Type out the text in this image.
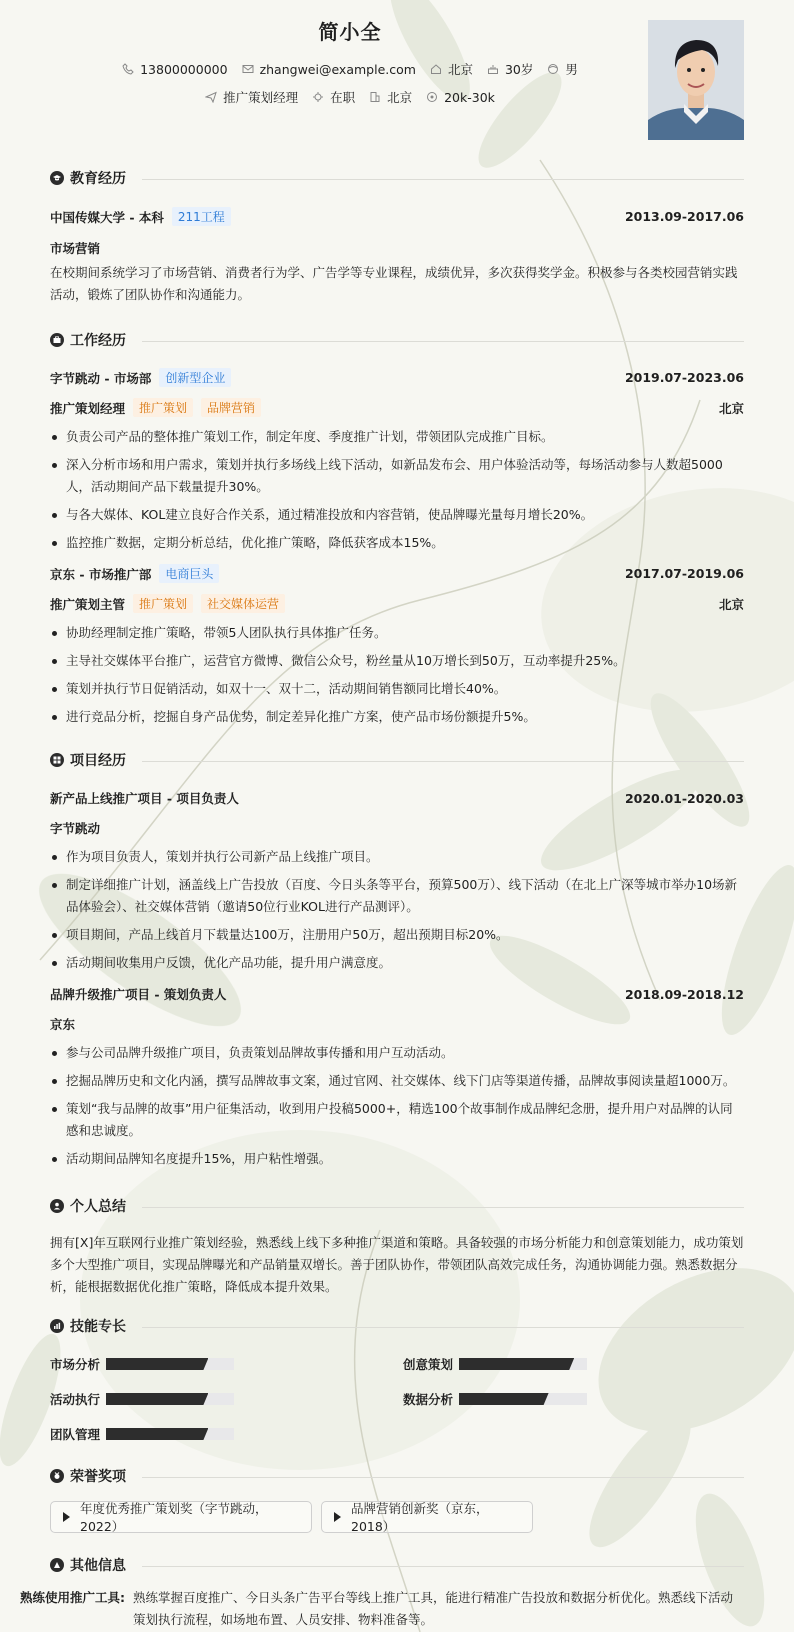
简小全
13800000000	zhangwei@example.com	北京	30岁	男
推广策划经理	在职	北京	20k-30k
教育经历
中国传媒大学 - 本科	211工程	2013.09-2017.06
市场营销
在校期间系统学习了市场营销、消费者行为学、广告学等专业课程，成绩优异，多次获得奖学金。积极参与各类校园营销实践活动，锻炼了团队协作和沟通能力。
工作经历
字节跳动 - 市场部	创新型企业	2019.07-2023.06
推广策划经理	推广策划	品牌营销	北京
负责公司产品的整体推广策划工作，制定年度、季度推广计划，带领团队完成推广目标。
深入分析市场和用户需求，策划并执行多场线上线下活动，如新品发布会、用户体验活动等，每场活动参与人数超5000人，活动期间产品下载量提升30%。
与各大媒体、KOL建立良好合作关系，通过精准投放和内容营销，使品牌曝光量每月增长20%。
监控推广数据，定期分析总结，优化推广策略，降低获客成本15%。
京东 - 市场推广部	电商巨头	2017.07-2019.06
推广策划主管	推广策划	社交媒体运营	北京
协助经理制定推广策略，带领5人团队执行具体推广任务。
主导社交媒体平台推广，运营官方微博、微信公众号，粉丝量从10万增长到50万，互动率提升25%。
策划并执行节日促销活动，如双十一、双十二，活动期间销售额同比增长40%。
进行竞品分析，挖掘自身产品优势，制定差异化推广方案，使产品市场份额提升5%。
项目经历
新产品上线推广项目 - 项目负责人	2020.01-2020.03
字节跳动
作为项目负责人，策划并执行公司新产品上线推广项目。
制定详细推广计划，涵盖线上广告投放（百度、今日头条等平台，预算500万）、线下活动（在北上广深等城市举办10场新品体验会）、社交媒体营销（邀请50位行业KOL进行产品测评）。
项目期间，产品上线首月下载量达100万，注册用户50万，超出预期目标20%。
活动期间收集用户反馈，优化产品功能，提升用户满意度。
品牌升级推广项目 - 策划负责人	2018.09-2018.12
京东
参与公司品牌升级推广项目，负责策划品牌故事传播和用户互动活动。
挖掘品牌历史和文化内涵，撰写品牌故事文案，通过官网、社交媒体、线下门店等渠道传播，品牌故事阅读量超1000万。
策划“我与品牌的故事”用户征集活动，收到用户投稿5000+，精选100个故事制作成品牌纪念册，提升用户对品牌的认同感和忠诚度。
活动期间品牌知名度提升15%，用户粘性增强。
个人总结
拥有[X]年互联网行业推广策划经验，熟悉线上线下多种推广渠道和策略。具备较强的市场分析能力和创意策划能力，成功策划多个大型推广项目，实现品牌曝光和产品销量双增长。善于团队协作，带领团队高效完成任务，沟通协调能力强。熟悉数据分析，能根据数据优化推广策略，降低成本提升效果。
技能专长
市场分析	创意策划
活动执行	数据分析
团队管理
荣誉奖项
年度优秀推广策划奖（字节跳动，2022）
品牌营销创新奖（京东，2018）
其他信息
熟练使用推广工具: 熟练掌握百度推广、今日头条广告平台等线上推广工具，能进行精准广告投放和数据分析优化。熟悉线下活动策划执行流程，如场地布置、人员安排、物料准备等。
